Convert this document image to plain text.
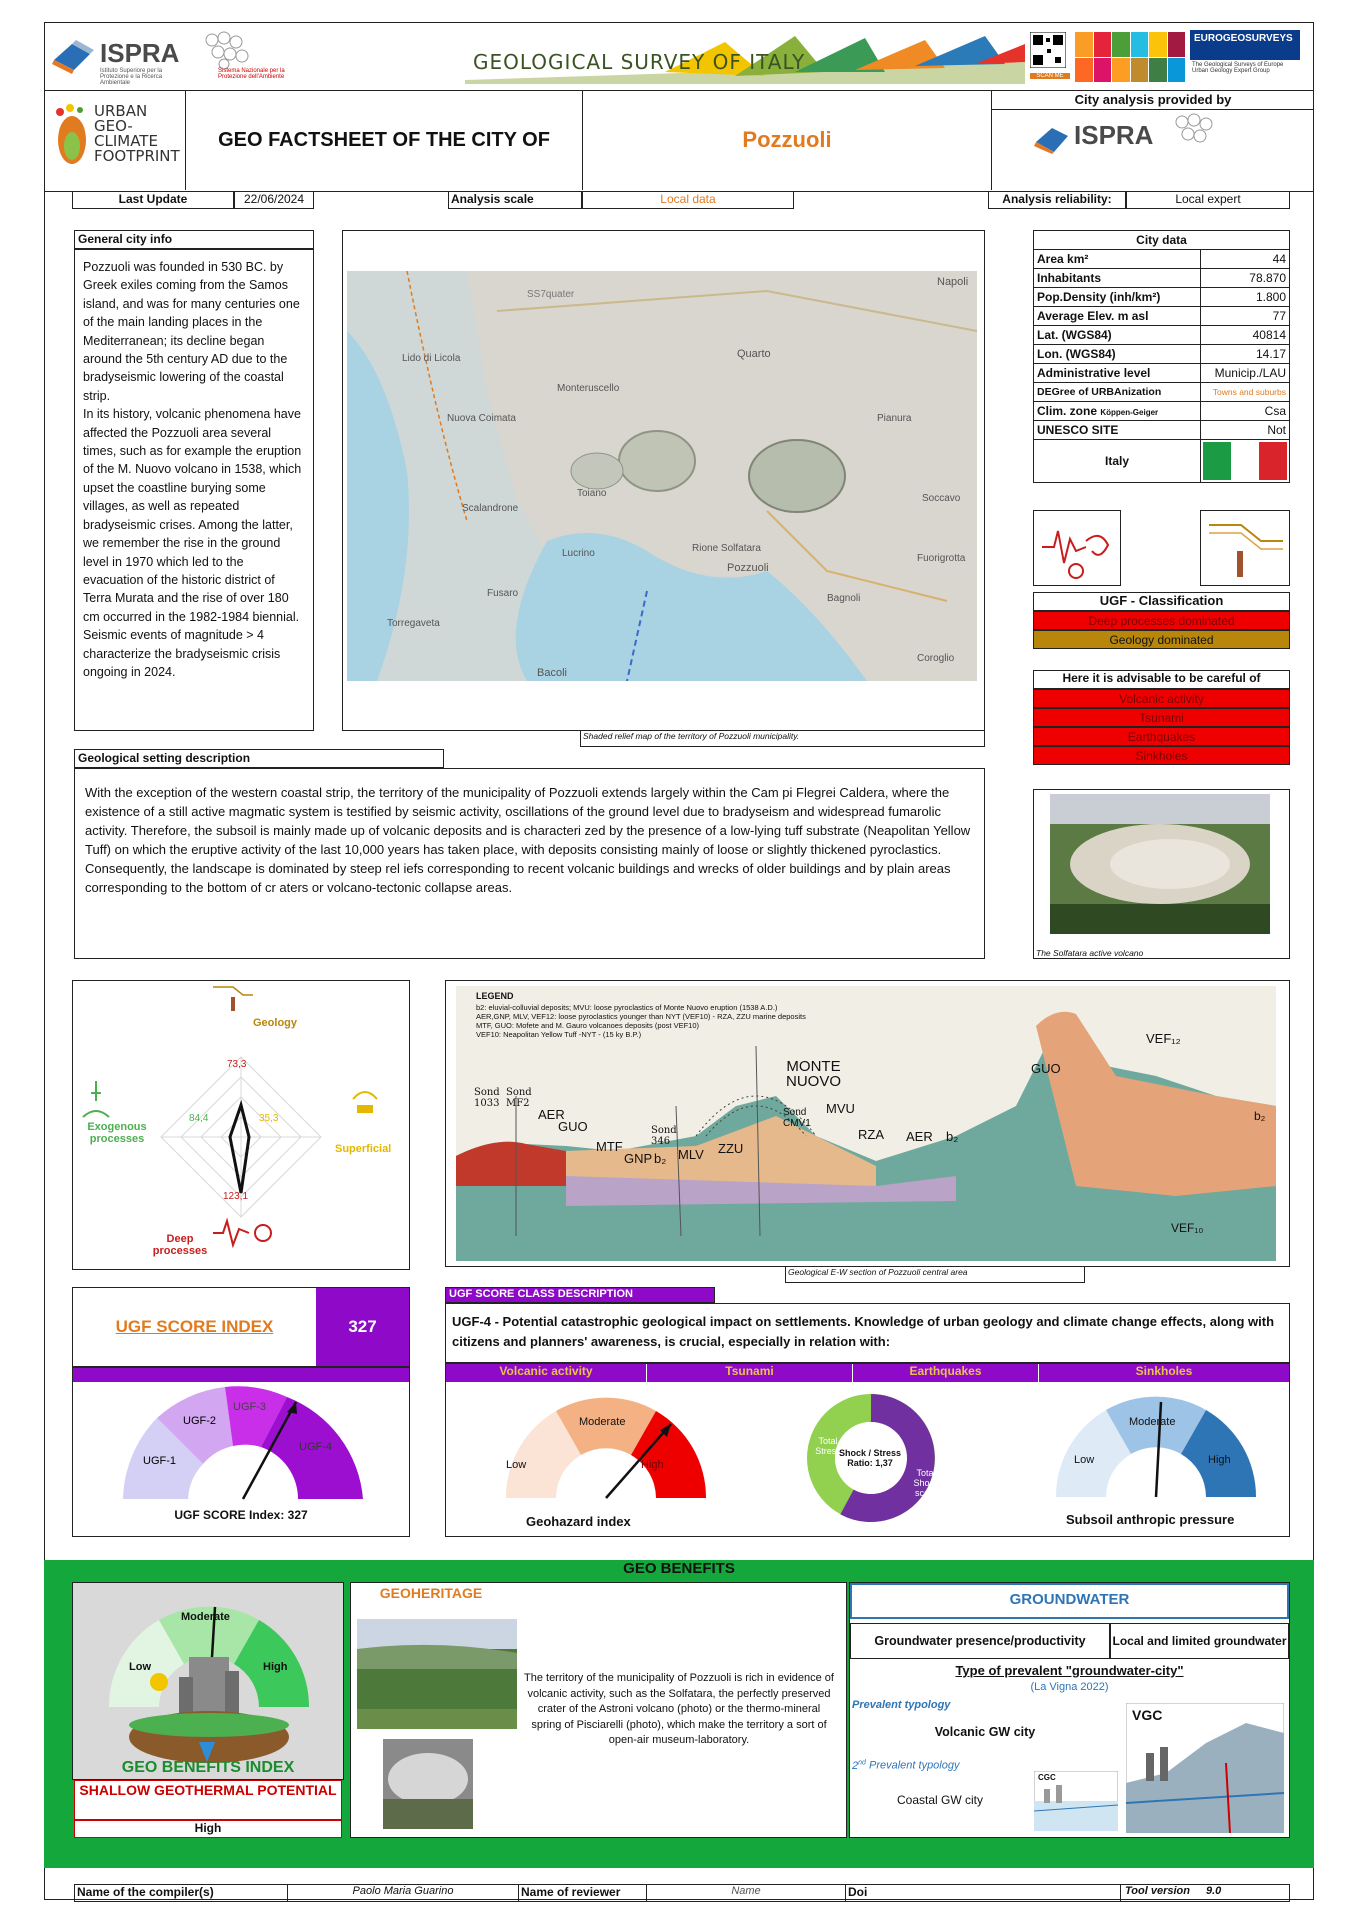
ISPRA
Istituto Superiore per la Protezione e la Ricerca Ambientale
Sistema Nazionale per la Protezione dell'Ambiente
GEOLOGICAL SURVEY OF ITALY
SCAN ME
EUROGEOSURVEYS
The Geological Surveys of Europe
Urban Geology Expert Group
URBAN GEO-CLIMATE FOOTPRINT
GEO FACTSHEET OF THE CITY OF	Pozzuoli
City analysis provided by
ISPRA
Last Update	22/06/2024	Analysis scale	Local data	Analysis reliability:	Local expert
General city info
Pozzuoli was founded in 530 BC. by Greek exiles coming from the Samos island, and was for many centuries one of the main landing places in the Mediterranean; its decline began around the 5th century AD due to the bradyseismic lowering of the coastal strip.
In its history, volcanic phenomena have affected the Pozzuoli area several times, such as for example the eruption of the M. Nuovo volcano in 1538, which upset the coastline burying some villages, as well as repeated bradyseismic crises. Among the latter, we remember the rise in the ground level in 1970 which led to the evacuation of the historic district of Terra Murata and the rise of over 180 cm occurred in the 1982-1984 biennial. Seismic events of magnitude > 4 characterize the bradyseismic crisis ongoing in 2024.
SS7quater
Napoli
Lido di Licola	Quarto
Monteruscello
Nuova Coimata	Pianura
Toiano	Soccavo
Scalandrone
Fuorigrotta
Lucrino	Rione Solfatara
Pozzuoli
Fusaro	Bagnoli
Torregaveta
Bacoli
Coroglio
Shaded relief map of the territory of Pozzuoli municipality.
City data	
Area km²	44
Inhabitants	78.870
Pop.Density (inh/km²)	1.800
Average Elev. m asl	77
Lat. (WGS84)	40814
Lon. (WGS84)	14.17
Administrative level	Municip./LAU
DEGree of URBAnization	Towns and suburbs
Clim. zone Köppen-Geiger	Csa
UNESCO SITE	Not
Italy	
UGF - Classification
Deep processes dominated
Geology dominated
Here it is advisable to be careful of
Volcanic activity
Tsunami
Earthquakes
Sinkholes
The Solfatara active volcano
Geological setting description
With the exception of the western coastal strip, the territory of the municipality of Pozzuoli extends largely within the Cam pi Flegrei Caldera, where the existence of a still active magmatic system is testified by seismic activity, oscillations of the ground level due to bradyseism and widespread fumarolic activity. Therefore, the subsoil is mainly made up of volcanic deposits and is characteri zed by the presence of a low-lying tuff substrate (Neapolitan Yellow Tuff) on which the eruptive activity of the last 10,000 years has taken place, with deposits consisting mainly of loose or slightly thickened pyroclastics. Consequently, the landscape is dominated by steep rel iefs corresponding to recent volcanic buildings and wrecks of older buildings and by plain areas corresponding to the bottom of cr aters or volcano-tectonic collapse areas.
Geology
Superficial
Deep processes
Exogenous processes
73,3
35,3
123,1
84,4
LEGEND
b2: eluvial-colluvial deposits; MVU: loose pyroclastics of Monte Nuovo eruption (1538 A.D.)
AER,GNP, MLV, VEF12: loose pyroclastics younger than NYT (VEF10) - RZA, ZZU marine deposits
MTF, GUO: Mofete and M. Gauro volcanoes deposits (post VEF10)
VEF10: Neapolitan Yellow Tuff -NYT - (15 ky B.P.)
MONTE
NUOVO
Sond
1033
Sond
MF2
AER
GUO
MTF
GNP b₂ MLV ZZU
Sond
346
Sond
CMV1
MVU
RZA AER b₂
GUO
VEF₁₂
VEF₁₀
b₂
Geological E-W section of Pozzuoli central area
UGF SCORE INDEX	327
UGF-1
UGF-2
UGF-3
UGF-4
UGF SCORE Index: 327
UGF SCORE CLASS DESCRIPTION
UGF-4 - Potential catastrophic geological impact on settlements. Knowledge of urban geology and climate change effects, along with citizens and planners' awareness, is crucial, especially in relation with:
Volcanic activity	Tsunami	Earthquakes	Sinkholes
Low
Moderate
High
Geohazard index
Total Stress
Shock / Stress Ratio: 1,37
Total Shock score
Low
Moderate
High
Subsoil anthropic pressure
GEO BENEFITS
Low
Moderate
High
GEO BENEFITS INDEX
SHALLOW GEOTHERMAL POTENTIAL
High
GEOHERITAGE
The territory of the municipality of Pozzuoli is rich in evidence of volcanic activity, such as the Solfatara, the perfectly preserved crater of the Astroni volcano (photo) or the thermo-mineral spring of Pisciarelli (photo), which make the territory a sort of open-air museum-laboratory.
GROUNDWATER
Groundwater presence/productivity	Local and limited groundwater
Type of prevalent "groundwater-city"
(La Vigna 2022)
Prevalent typology
Volcanic GW city
2nd Prevalent typology
Coastal GW city
CGC
VGC
Name of the compiler(s)	Paolo Maria Guarino	Name of reviewer	Name	Doi	Tool version 9.0
